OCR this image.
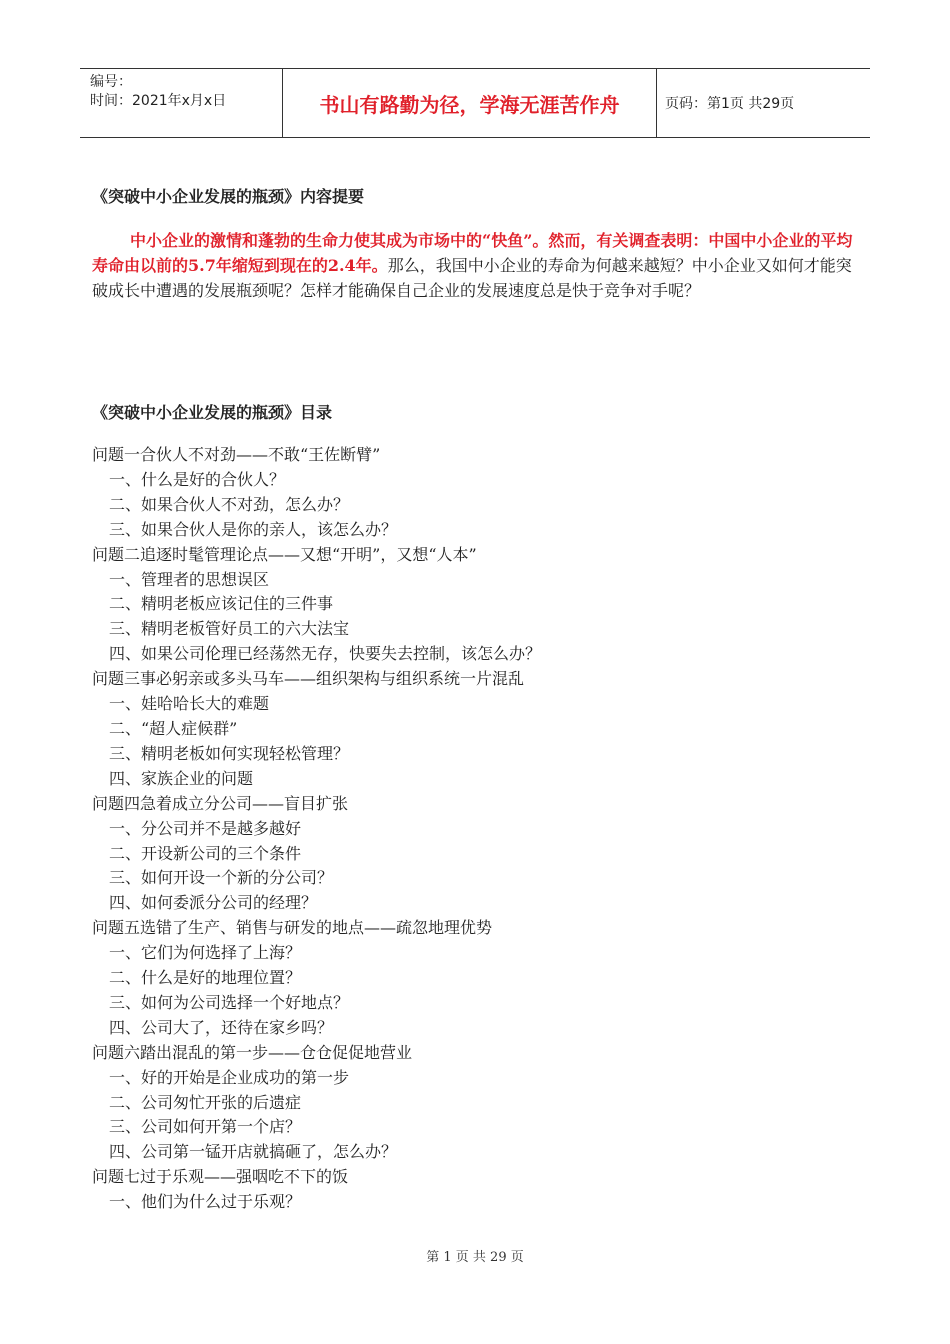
编号：
时间：2021年x月x日	书山有路勤为径，学海无涯苦作舟	页码：第1页 共29页
《突破中小企业发展的瓶颈》内容提要
中小企业的激情和蓬勃的生命力使其成为市场中的“快鱼”。然而，有关调查表明：中国中小企业的平均寿命由以前的5.7年缩短到现在的2.4年。那么，我国中小企业的寿命为何越来越短？中小企业又如何才能突破成长中遭遇的发展瓶颈呢？怎样才能确保自己企业的发展速度总是快于竞争对手呢？
《突破中小企业发展的瓶颈》目录
问题一合伙人不对劲——不敢“王佐断臂”
一、什么是好的合伙人？
二、如果合伙人不对劲，怎么办？
三、如果合伙人是你的亲人，该怎么办？
问题二追逐时髦管理论点——又想“开明”，又想“人本”
一、管理者的思想误区
二、精明老板应该记住的三件事
三、精明老板管好员工的六大法宝
四、如果公司伦理已经荡然无存，快要失去控制，该怎么办？
问题三事必躬亲或多头马车——组织架构与组织系统一片混乱
一、娃哈哈长大的难题
二、“超人症候群”
三、精明老板如何实现轻松管理？
四、家族企业的问题
问题四急着成立分公司——盲目扩张
一、分公司并不是越多越好
二、开设新公司的三个条件
三、如何开设一个新的分公司？
四、如何委派分公司的经理？
问题五选错了生产、销售与研发的地点——疏忽地理优势
一、它们为何选择了上海？
二、什么是好的地理位置？
三、如何为公司选择一个好地点？
四、公司大了，还待在家乡吗？
问题六踏出混乱的第一步——仓仓促促地营业
一、好的开始是企业成功的第一步
二、公司匆忙开张的后遗症
三、公司如何开第一个店？
四、公司第一锰开店就搞砸了，怎么办？
问题七过于乐观——强咽吃不下的饭
一、他们为什么过于乐观？
第 1 页 共 29 页
